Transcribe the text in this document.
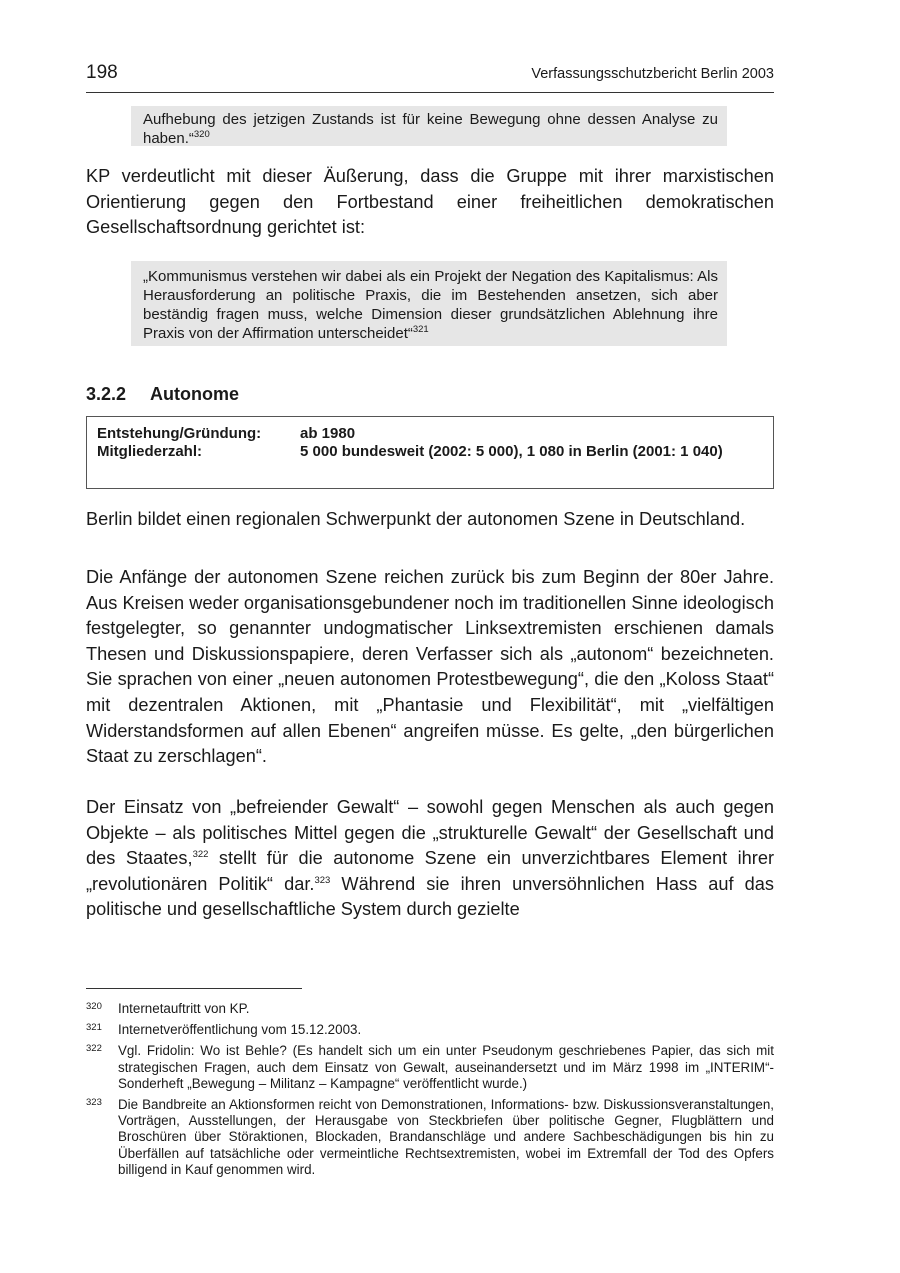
198	Verfassungsschutzbericht Berlin 2003
Aufhebung des jetzigen Zustands ist für keine Bewegung ohne dessen Analyse zu haben.“$^{320}$

KP verdeutlicht mit dieser Äußerung, dass die Gruppe mit ihrer marxistischen Orientierung gegen den Fortbestand einer freiheitlichen demokratischen Gesellschaftsordnung gerichtet ist:

„Kommunismus verstehen wir dabei als ein Projekt der Negation des Kapitalismus: Als Herausforderung an politische Praxis, die im Bestehenden ansetzen, sich aber beständig fragen muss, welche Dimension dieser grundsätzlichen Ablehnung ihre Praxis von der Affirmation unterscheidet“$^{321}$
3.2.2 Autonome
Entstehung/Gründung:	ab 1980
Mitgliederzahl:	5 000 bundesweit (2002: 5 000), 1 080 in Berlin (2001: 1 040)

Berlin bildet einen regionalen Schwerpunkt der autonomen Szene in Deutschland.

Die Anfänge der autonomen Szene reichen zurück bis zum Beginn der 80er Jahre. Aus Kreisen weder organisationsgebundener noch im traditionellen Sinne ideologisch festgelegter, so genannter undogmatischer Linksextremisten erschienen damals Thesen und Diskussionspapiere, deren Verfasser sich als „autonom“ bezeichneten. Sie sprachen von einer „neuen autonomen Protestbewegung“, die den „Koloss Staat“ mit dezentralen Aktionen, mit „Phantasie und Flexibilität“, mit „vielfältigen Widerstandsformen auf allen Ebenen“ angreifen müsse. Es gelte, „den bürgerlichen Staat zu zerschlagen“.

Der Einsatz von „befreiender Gewalt“ – sowohl gegen Menschen als auch gegen Objekte – als politisches Mittel gegen die „strukturelle Gewalt“ der Gesellschaft und des Staates,$^{322}$ stellt für die autonome Szene ein unverzichtbares Element ihrer „revolutionären Politik“ dar.$^{323}$ Während sie ihren unversöhnlichen Hass auf das politische und gesellschaftliche System durch gezielte

320	Internetauftritt von KP.
321	Internetveröffentlichung vom 15.12.2003.
322	Vgl. Fridolin: Wo ist Behle? (Es handelt sich um ein unter Pseudonym geschriebenes Papier, das sich mit strategischen Fragen, auch dem Einsatz von Gewalt, auseinandersetzt und im März 1998 im „INTERIM“-Sonderheft „Bewegung – Militanz – Kampagne“ veröffentlicht wurde.)
323	Die Bandbreite an Aktionsformen reicht von Demonstrationen, Informations- bzw. Diskussionsveranstaltungen, Vorträgen, Ausstellungen, der Herausgabe von Steckbriefen über politische Gegner, Flugblättern und Broschüren über Störaktionen, Blockaden, Brandanschläge und andere Sachbeschädigungen bis hin zu Überfällen auf tatsächliche oder vermeintliche Rechtsextremisten, wobei im Extremfall der Tod des Opfers billigend in Kauf genommen wird.
